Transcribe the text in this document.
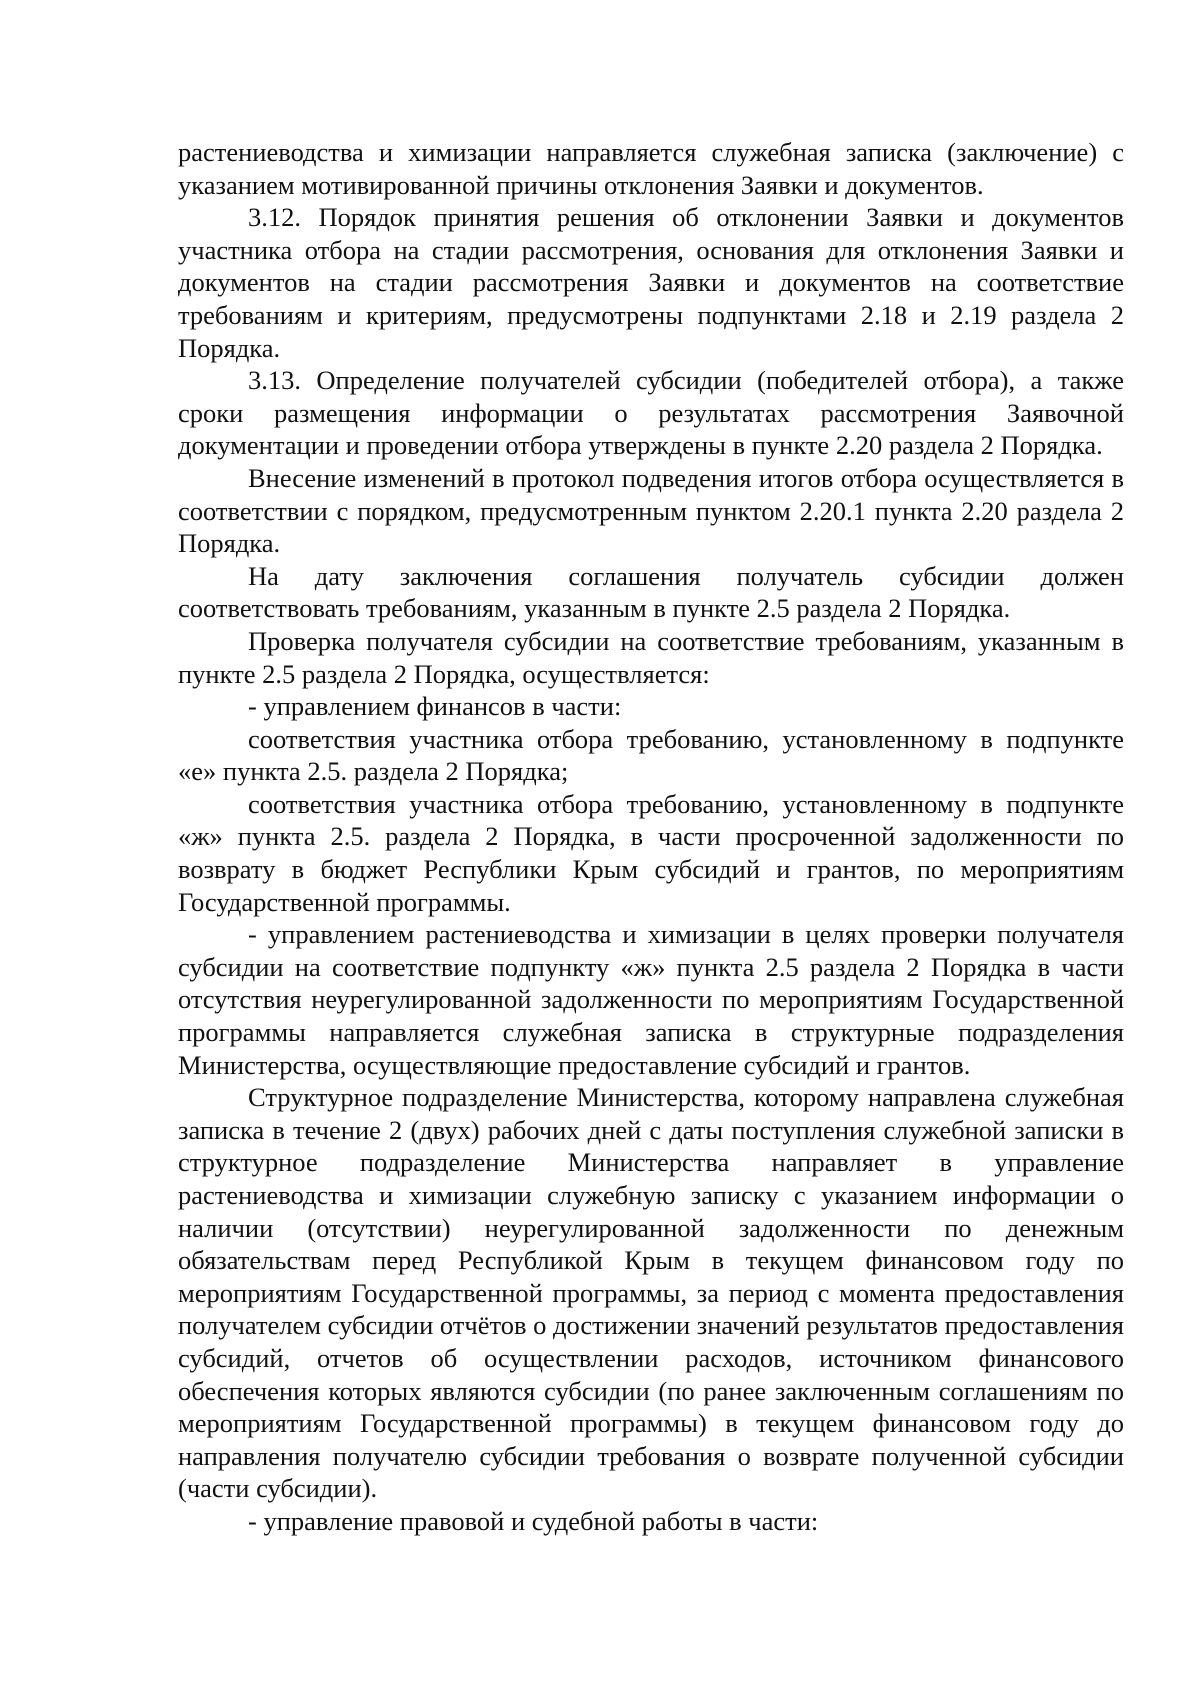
растениеводства и химизации направляется служебная записка (заключение) с указанием мотивированной причины отклонения Заявки и документов.

3.12. Порядок принятия решения об отклонении Заявки и документов участника отбора на стадии рассмотрения, основания для отклонения Заявки и документов на стадии рассмотрения Заявки и документов на соответствие требованиям и критериям, предусмотрены подпунктами 2.18 и 2.19 раздела 2 Порядка.

3.13. Определение получателей субсидии (победителей отбора), а также сроки размещения информации о результатах рассмотрения Заявочной документации и проведении отбора утверждены в пункте 2.20 раздела 2 Порядка.

Внесение изменений в протокол подведения итогов отбора осуществляется в соответствии с порядком, предусмотренным пунктом 2.20.1 пункта 2.20 раздела 2 Порядка.

На дату заключения соглашения получатель субсидии должен соответствовать требованиям, указанным в пункте 2.5 раздела 2 Порядка.

Проверка получателя субсидии на соответствие требованиям, указанным в пункте 2.5 раздела 2 Порядка, осуществляется:

- управлением финансов в части:

соответствия участника отбора требованию, установленному в подпункте «е» пункта 2.5. раздела 2 Порядка;

соответствия участника отбора требованию, установленному в подпункте «ж» пункта 2.5. раздела 2 Порядка, в части просроченной задолженности по возврату в бюджет Республики Крым субсидий и грантов, по мероприятиям Государственной программы.

- управлением растениеводства и химизации в целях проверки получателя субсидии на соответствие подпункту «ж» пункта 2.5 раздела 2 Порядка в части отсутствия неурегулированной задолженности по мероприятиям Государственной программы направляется служебная записка в структурные подразделения Министерства, осуществляющие предоставление субсидий и грантов.

Структурное подразделение Министерства, которому направлена служебная записка в течение 2 (двух) рабочих дней с даты поступления служебной записки в структурное подразделение Министерства направляет в управление растениеводства и химизации служебную записку с указанием информации о наличии (отсутствии) неурегулированной задолженности по денежным обязательствам перед Республикой Крым в текущем финансовом году по мероприятиям Государственной программы, за период с момента предоставления получателем субсидии отчётов о достижении значений результатов предоставления субсидий, отчетов об осуществлении расходов, источником финансового обеспечения которых являются субсидии (по ранее заключенным соглашениям по мероприятиям Государственной программы) в текущем финансовом году до направления получателю субсидии требования о возврате полученной субсидии (части субсидии).

- управление правовой и судебной работы в части:
